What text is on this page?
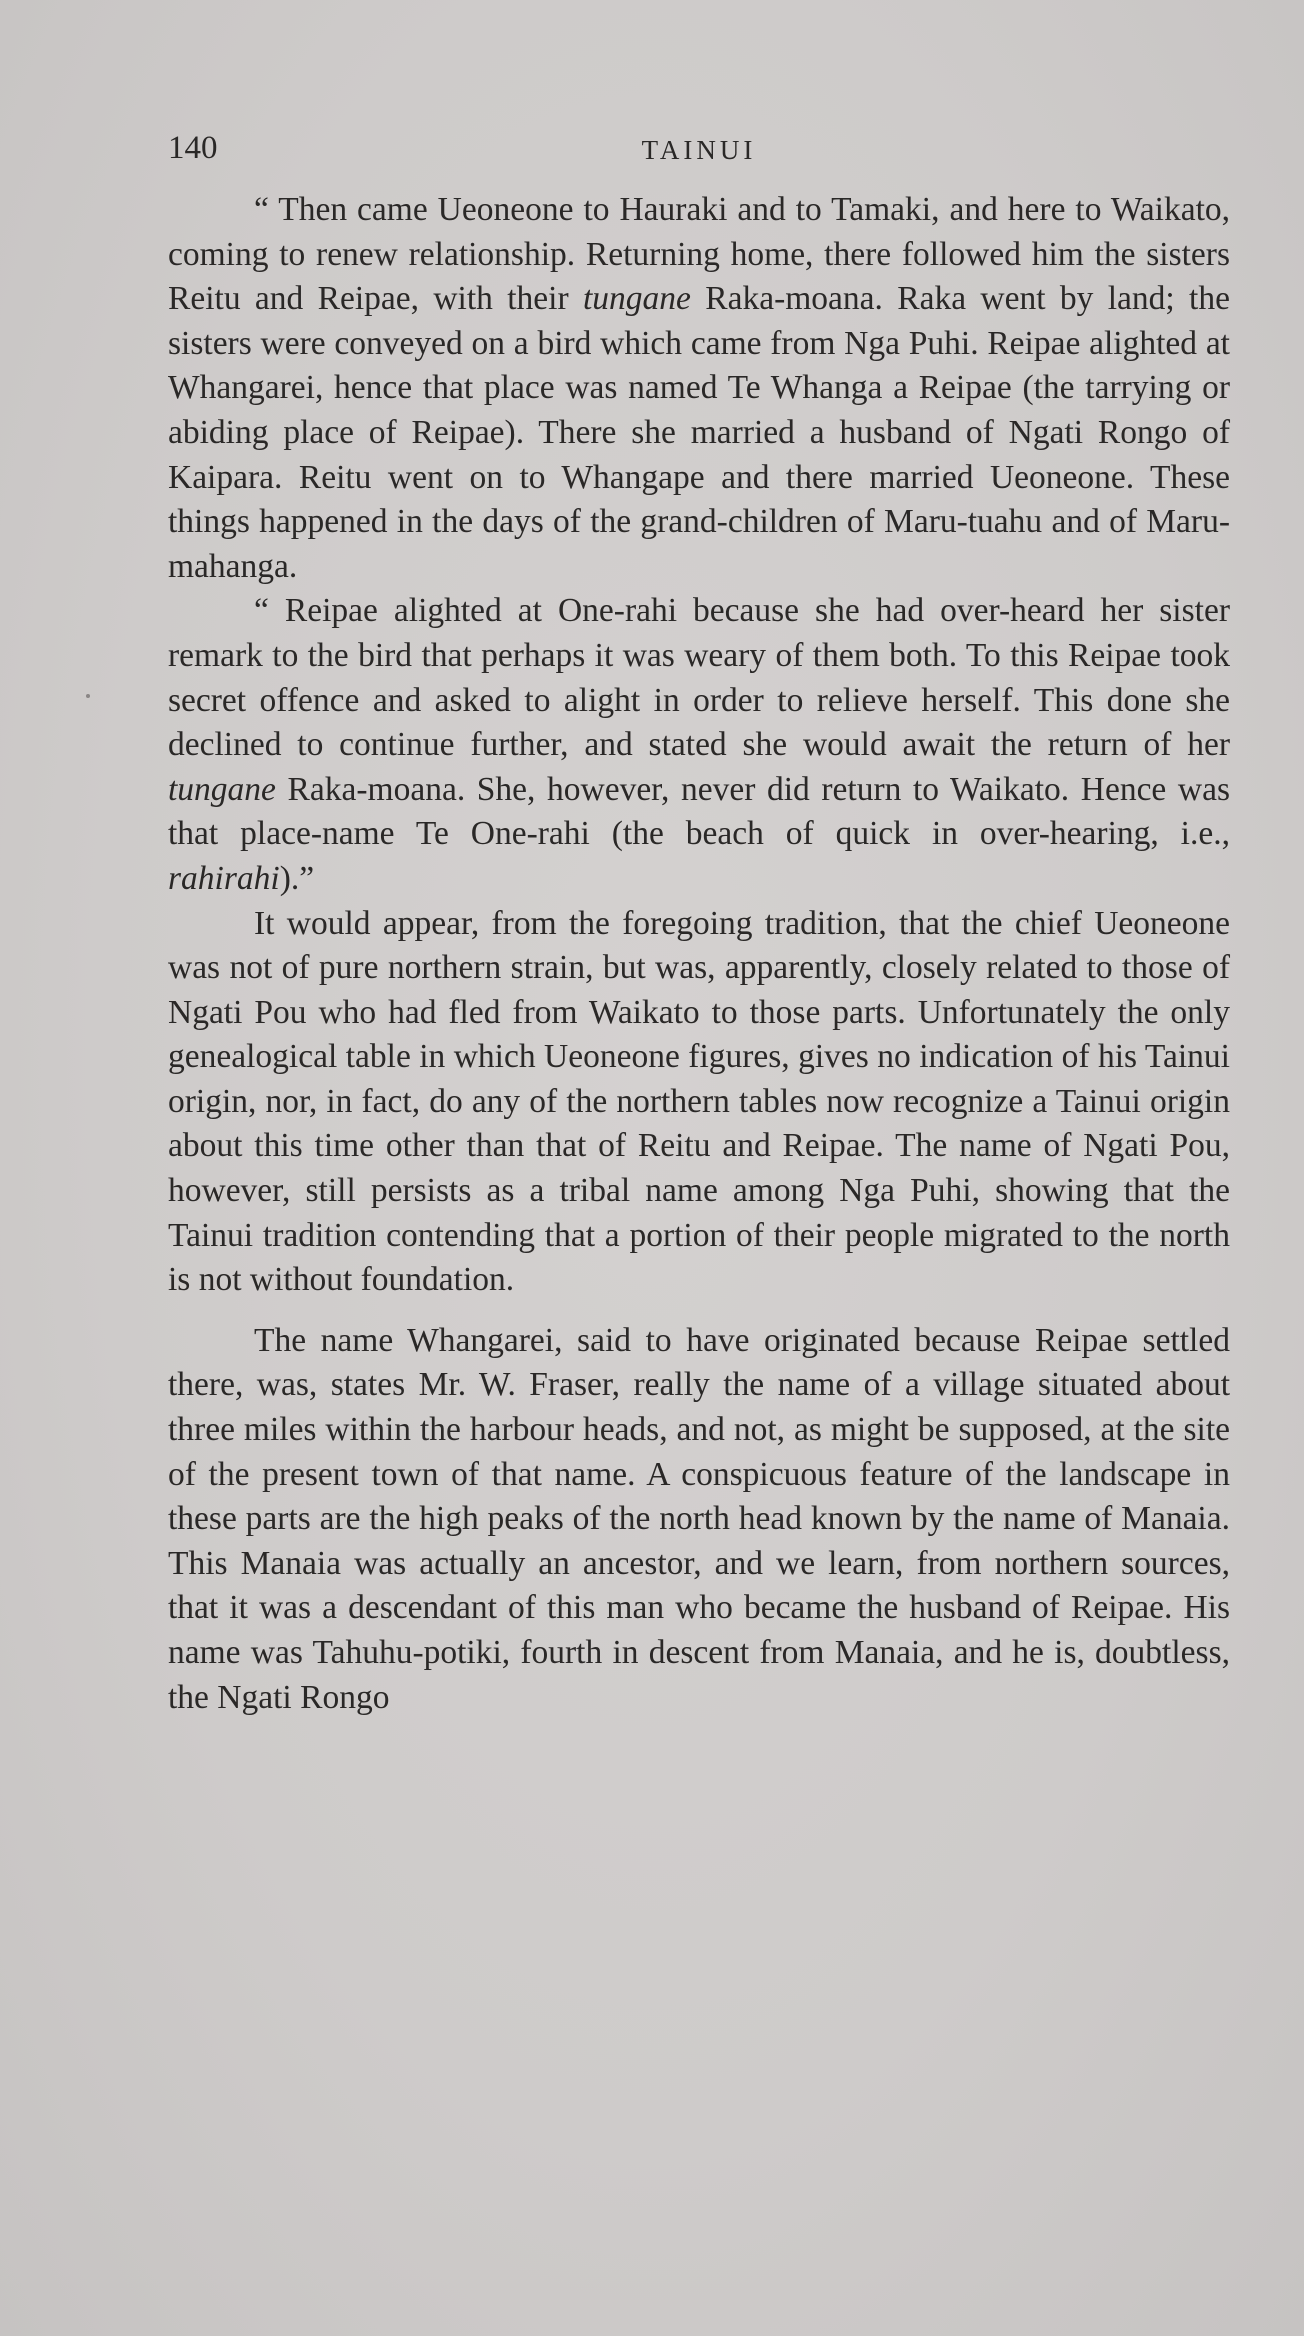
140	TAINUI

“ Then came Ueoneone to Hauraki and to Tamaki, and here to Waikato, coming to renew relationship. Returning home, there followed him the sisters Reitu and Reipae, with their tungane Raka-moana. Raka went by land; the sisters were conveyed on a bird which came from Nga Puhi. Reipae alighted at Whangarei, hence that place was named Te Whanga a Reipae (the tarrying or abiding place of Reipae). There she married a husband of Ngati Rongo of Kaipara. Reitu went on to Whangape and there married Ueoneone. These things happened in the days of the grand-children of Maru-tuahu and of Maru-mahanga.

“ Reipae alighted at One-rahi because she had over-heard her sister remark to the bird that perhaps it was weary of them both. To this Reipae took secret offence and asked to alight in order to relieve herself. This done she declined to continue further, and stated she would await the return of her tungane Raka-moana. She, however, never did return to Waikato. Hence was that place-name Te One-rahi (the beach of quick in over-hearing, i.e., rahirahi).”

It would appear, from the foregoing tradition, that the chief Ueoneone was not of pure northern strain, but was, apparently, closely related to those of Ngati Pou who had fled from Waikato to those parts. Unfortunately the only genealogical table in which Ueoneone figures, gives no indication of his Tainui origin, nor, in fact, do any of the northern tables now recognize a Tainui origin about this time other than that of Reitu and Reipae. The name of Ngati Pou, however, still persists as a tribal name among Nga Puhi, showing that the Tainui tradition contending that a portion of their people migrated to the north is not without foundation.

The name Whangarei, said to have originated because Reipae settled there, was, states Mr. W. Fraser, really the name of a village situated about three miles within the harbour heads, and not, as might be supposed, at the site of the present town of that name. A conspicuous feature of the landscape in these parts are the high peaks of the north head known by the name of Manaia. This Manaia was actually an ancestor, and we learn, from northern sources, that it was a descendant of this man who became the husband of Reipae. His name was Tahuhu-potiki, fourth in descent from Manaia, and he is, doubtless, the Ngati Rongo
